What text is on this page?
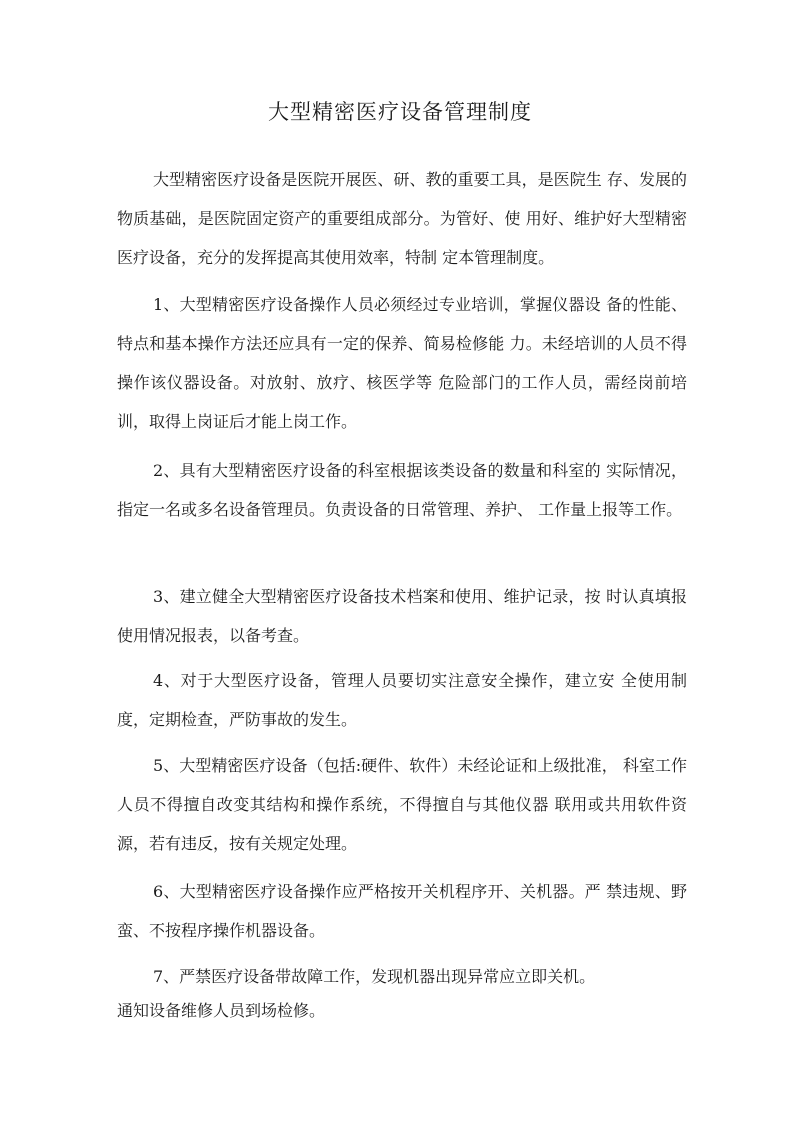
大型精密医疗设备管理制度

大型精密医疗设备是医院开展医、研、教的重要工具，是医院生 存、发展的物质基础，是医院固定资产的重要组成部分。为管好、使 用好、维护好大型精密医疗设备，充分的发挥提高其使用效率，特制 定本管理制度。

1、大型精密医疗设备操作人员必须经过专业培训，掌握仪器设 备的性能、特点和基本操作方法还应具有一定的保养、简易检修能 力。未经培训的人员不得操作该仪器设备。对放射、放疗、核医学等 危险部门的工作人员，需经岗前培训，取得上岗证后才能上岗工作。

2、具有大型精密医疗设备的科室根据该类设备的数量和科室的 实际情况，指定一名或多名设备管理员。负责设备的日常管理、养护、 工作量上报等工作。

3、建立健全大型精密医疗设备技术档案和使用、维护记录，按 时认真填报使用情况报表，以备考查。

4、对于大型医疗设备，管理人员要切实注意安全操作，建立安 全使用制度，定期检查，严防事故的发生。

5、大型精密医疗设备（包括:硬件、软件）未经论证和上级批准， 科室工作人员不得擅自改变其结构和操作系统，不得擅自与其他仪器 联用或共用软件资源，若有违反，按有关规定处理。

6、大型精密医疗设备操作应严格按开关机程序开、关机器。严 禁违规、野蛮、不按程序操作机器设备。

7、严禁医疗设备带故障工作，发现机器出现异常应立即关机。

通知设备维修人员到场检修。
